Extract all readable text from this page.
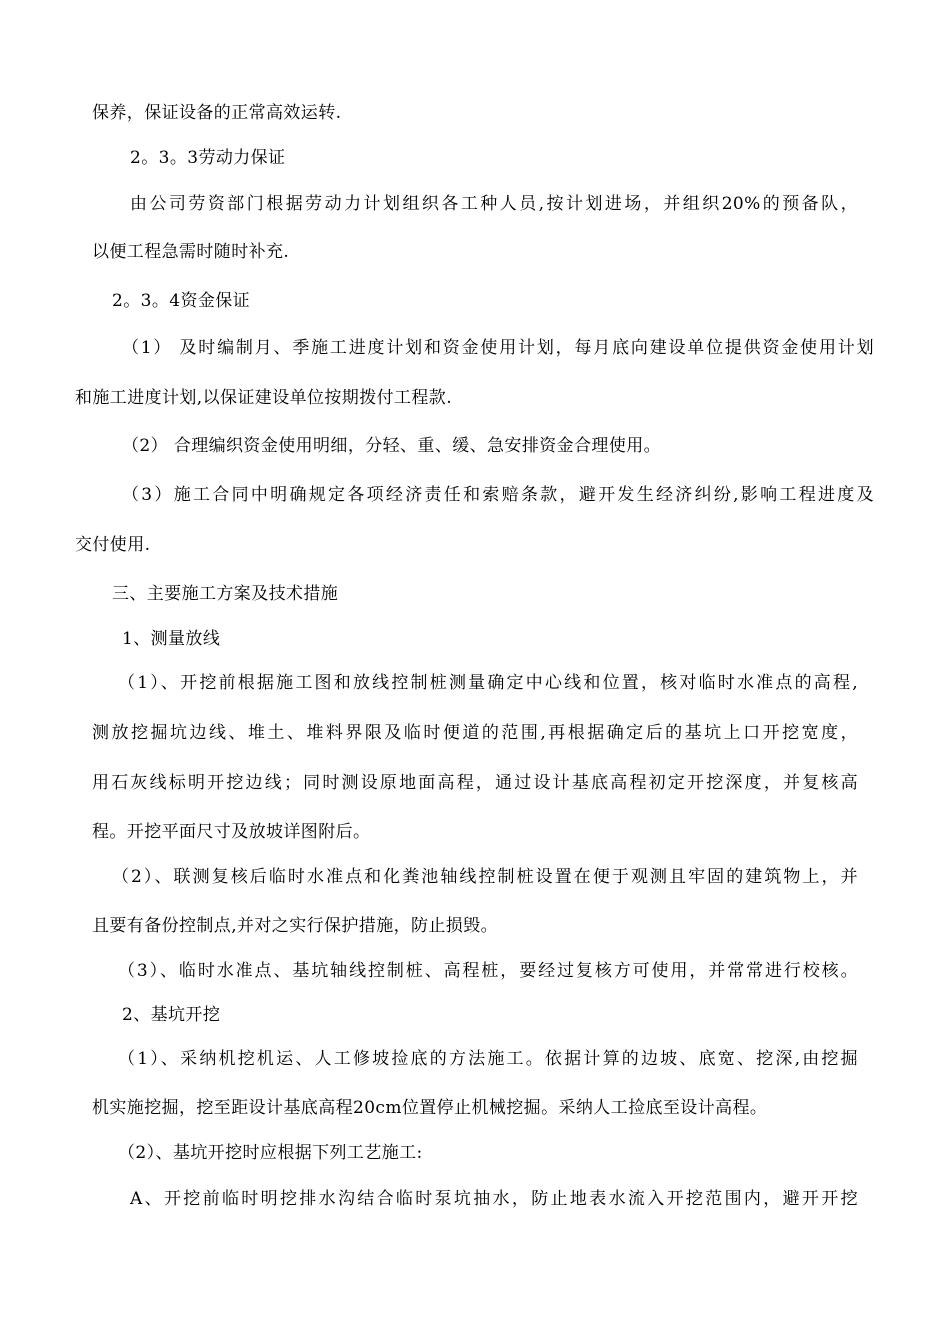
保养，保证设备的正常高效运转.

2。3。3劳动力保证

由公司劳资部门根据劳动力计划组织各工种人员,按计划进场，并组织20%的预备队，

以便工程急需时随时补充.

2。3。4资金保证

（1） 及时编制月、季施工进度计划和资金使用计划，每月底向建设单位提供资金使用计划

和施工进度计划,以保证建设单位按期拨付工程款.

（2） 合理编织资金使用明细，分轻、重、缓、急安排资金合理使用。

（3）施工合同中明确规定各项经济责任和索赔条款，避开发生经济纠纷,影响工程进度及

交付使用.

三、主要施工方案及技术措施

1、测量放线

（1）、开挖前根据施工图和放线控制桩测量确定中心线和位置，核对临时水准点的高程,

测放挖掘坑边线、堆土、堆料界限及临时便道的范围,再根据确定后的基坑上口开挖宽度，

用石灰线标明开挖边线；同时测设原地面高程，通过设计基底高程初定开挖深度，并复核高

程。开挖平面尺寸及放坡详图附后。

（2）、联测复核后临时水准点和化粪池轴线控制桩设置在便于观测且牢固的建筑物上，并

且要有备份控制点,并对之实行保护措施，防止损毁。

（3）、临时水准点、基坑轴线控制桩、高程桩，要经过复核方可使用，并常常进行校核。

2、基坑开挖

（1）、采纳机挖机运、人工修坡捡底的方法施工。依据计算的边坡、底宽、挖深,由挖掘

机实施挖掘，挖至距设计基底高程20cm位置停止机械挖掘。采纳人工捡底至设计高程。

（2）、基坑开挖时应根据下列工艺施工:

A、开挖前临时明挖排水沟结合临时泵坑抽水，防止地表水流入开挖范围内，避开开挖
